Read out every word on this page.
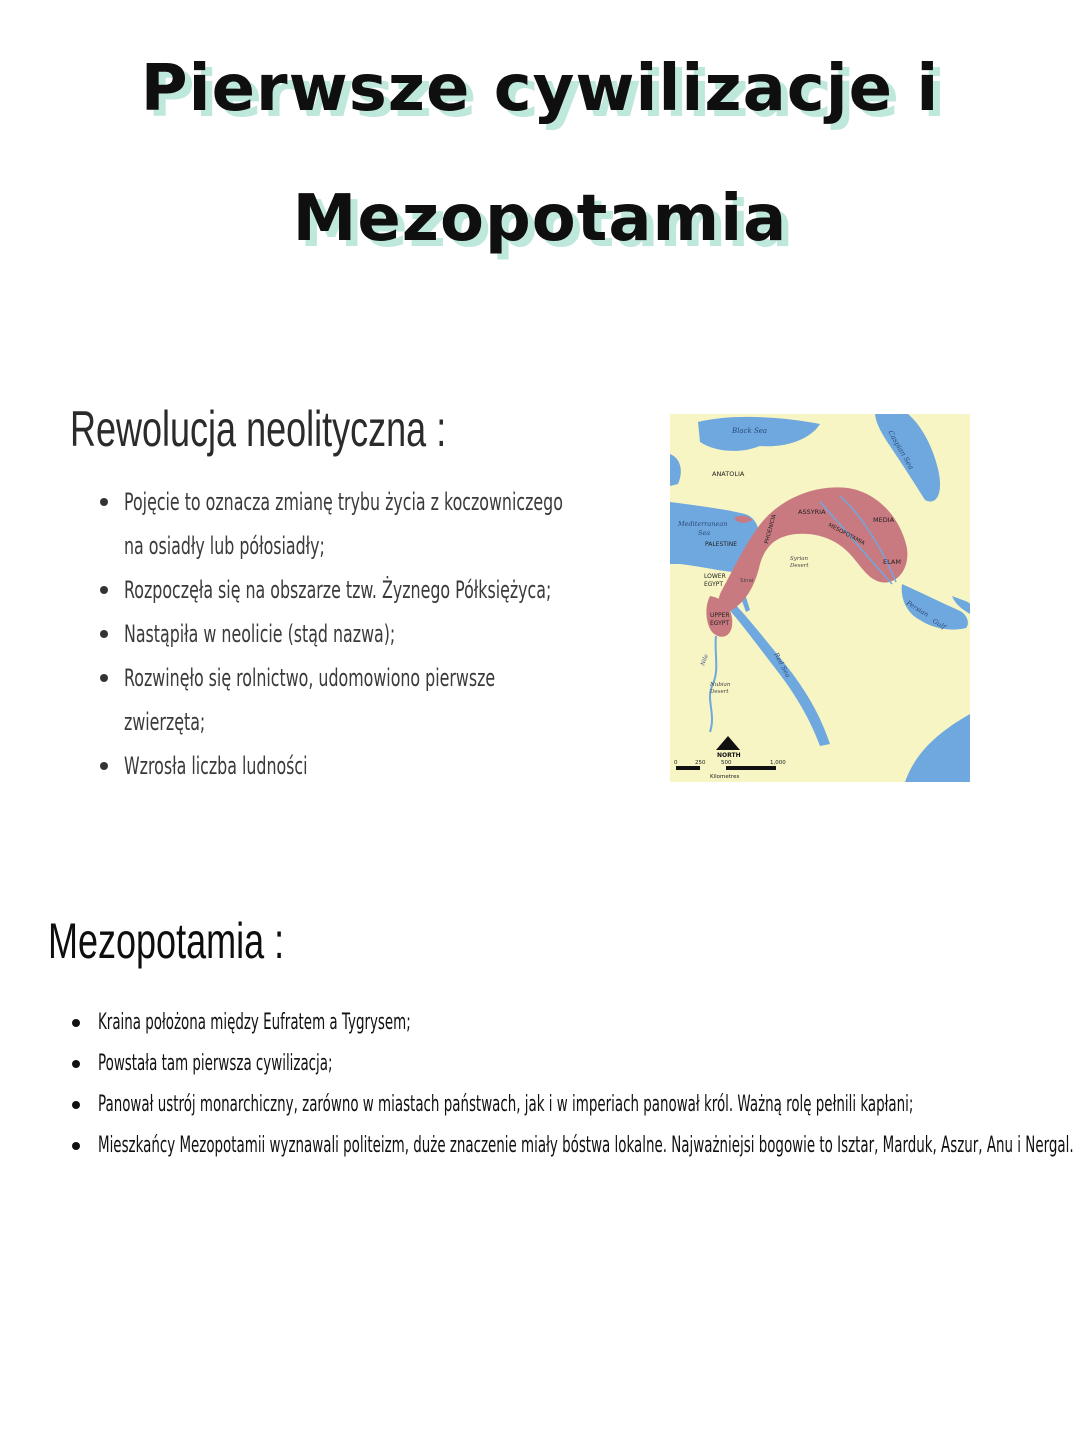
Pierwsze cywilizacje i
Mezopotamia
Rewolucja neolityczna :
Pojęcie to oznacza zmianę trybu życia z koczowniczego
na osiadły lub półosiadły;
Rozpoczęła się na obszarze tzw. Żyznego Półksiężyca;
Nastąpiła w neolicie (stąd nazwa);
Rozwinęło się rolnictwo, udomowiono pierwsze
zwierzęta;
Wzrosła liczba ludności
Black Sea	Caspian Sea
ANATOLIA
ASSYRIA
MEDIA
Mediterranean
Sea	PHOENICIA	MESOPOTAMIA
PALESTINE
Syrian
Desert	ELAM
LOWER
EGYPT	Sinai
Persian
Gulf
UPPER
EGYPT
Red Sea
Nile
Nubian
Desert
NORTH
0	250	500	1,000
Kilometres
Mezopotamia :
Kraina położona między Eufratem a Tygrysem;
Powstała tam pierwsza cywilizacja;
Panował ustrój monarchiczny, zarówno w miastach państwach, jak i w imperiach panował król. Ważną rolę pełnili kapłani;
Mieszkańcy Mezopotamii wyznawali politeizm, duże znaczenie miały bóstwa lokalne. Najważniejsi bogowie to Isztar, Marduk, Aszur, Anu i Nergal.
